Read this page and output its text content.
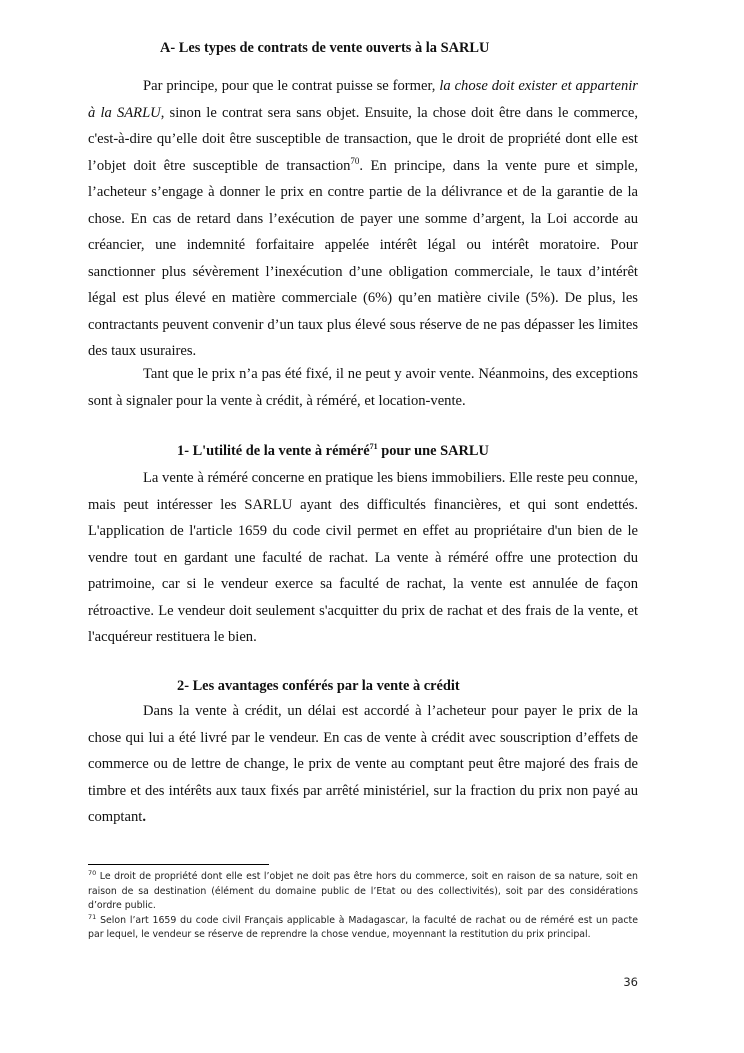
A- Les types de contrats de vente ouverts à la SARLU

Par principe, pour que le contrat puisse se former, la chose doit exister et appartenir à la SARLU, sinon le contrat sera sans objet. Ensuite, la chose doit être dans le commerce, c'est-à-dire qu’elle doit être susceptible de transaction, que le droit de propriété dont elle est l’objet doit être susceptible de transaction$^{70}$. En principe, dans la vente pure et simple, l’acheteur s’engage à donner le prix en contre partie de la délivrance et de la garantie de la chose. En cas de retard dans l’exécution de payer une somme d’argent, la Loi accorde au créancier, une indemnité forfaitaire appelée intérêt légal ou intérêt moratoire. Pour sanctionner plus sévèrement l’inexécution d’une obligation commerciale, le taux d’intérêt légal est plus élevé en matière commerciale (6%) qu’en matière civile (5%). De plus, les contractants peuvent convenir d’un taux plus élevé sous réserve de ne pas dépasser les limites des taux usuraires.

Tant que le prix n’a pas été fixé, il ne peut y avoir vente. Néanmoins, des exceptions sont à signaler pour la vente à crédit, à réméré, et location-vente.

1- L'utilité de la vente à réméré$^{71}$ pour une SARLU

La vente à réméré concerne en pratique les biens immobiliers. Elle reste peu connue, mais peut intéresser les SARLU ayant des difficultés financières, et qui sont endettés. L'application de l'article 1659 du code civil permet en effet au propriétaire d'un bien de le vendre tout en gardant une faculté de rachat. La vente à réméré offre une protection du patrimoine, car si le vendeur exerce sa faculté de rachat, la vente est annulée de façon rétroactive. Le vendeur doit seulement s'acquitter du prix de rachat et des frais de la vente, et l'acquéreur restituera le bien.

2- Les avantages conférés par la vente à crédit

Dans la vente à crédit, un délai est accordé à l’acheteur pour payer le prix de la chose qui lui a été livré par le vendeur. En cas de vente à crédit avec souscription d’effets de commerce ou de lettre de change, le prix de vente au comptant peut être majoré des frais de timbre et des intérêts aux taux fixés par arrêté ministériel, sur la fraction du prix non payé au comptant.

$^{70}$ Le droit de propriété dont elle est l’objet ne doit pas être hors du commerce, soit en raison de sa nature, soit en raison de sa destination (élément du domaine public de l’Etat ou des collectivités), soit par des considérations d’ordre public.

$^{71}$ Selon l’art 1659 du code civil Français applicable à Madagascar, la faculté de rachat ou de réméré est un pacte par lequel, le vendeur se réserve de reprendre la chose vendue, moyennant la restitution du prix principal.

36
